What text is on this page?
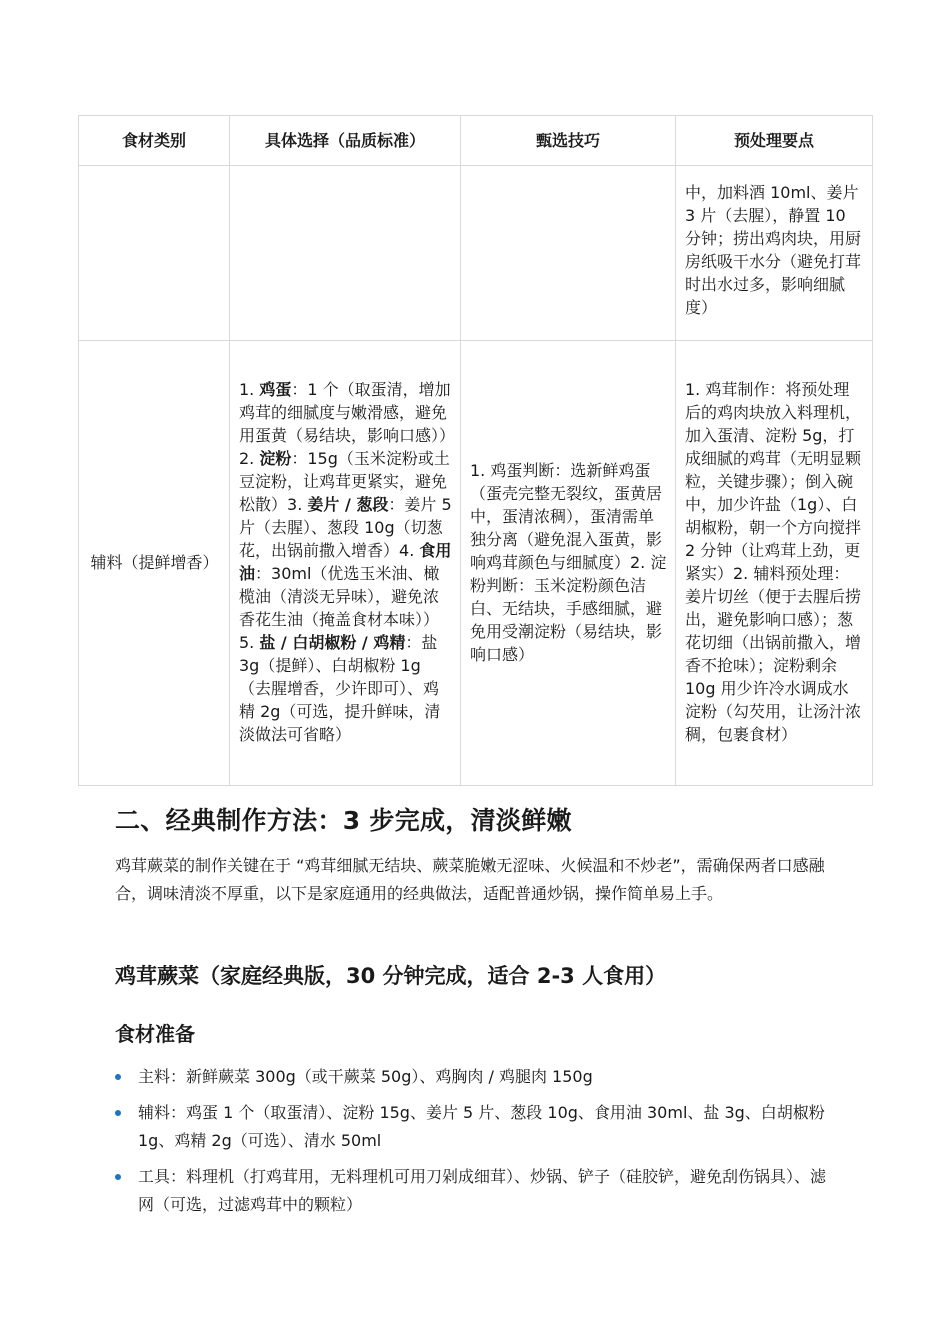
食材类别	具体选择（品质标准）	甄选技巧	预处理要点
			中，加料酒 10ml、姜片 3 片（去腥），静置 10 分钟；捞出鸡肉块，用厨房纸吸干水分（避免打茸时出水过多，影响细腻度）
辅料（提鲜增香）	1. 鸡蛋：1 个（取蛋清，增加鸡茸的细腻度与嫩滑感，避免用蛋黄（易结块，影响口感））2. 淀粉：15g（玉米淀粉或土豆淀粉，让鸡茸更紧实，避免松散）3. 姜片 / 葱段：姜片 5 片（去腥）、葱段 10g（切葱花，出锅前撒入增香）4. 食用油：30ml（优选玉米油、橄榄油（清淡无异味），避免浓香花生油（掩盖食材本味））5. 盐 / 白胡椒粉 / 鸡精：盐 3g（提鲜）、白胡椒粉 1g（去腥增香，少许即可）、鸡精 2g（可选，提升鲜味，清淡做法可省略）	1. 鸡蛋判断：选新鲜鸡蛋（蛋壳完整无裂纹，蛋黄居中，蛋清浓稠），蛋清需单独分离（避免混入蛋黄，影响鸡茸颜色与细腻度）2. 淀粉判断：玉米淀粉颜色洁白、无结块，手感细腻，避免用受潮淀粉（易结块，影响口感）	1. 鸡茸制作：将预处理后的鸡肉块放入料理机，加入蛋清、淀粉 5g，打成细腻的鸡茸（无明显颗粒，关键步骤）；倒入碗中，加少许盐（1g）、白胡椒粉，朝一个方向搅拌 2 分钟（让鸡茸上劲，更紧实）2. 辅料预处理：姜片切丝（便于去腥后捞出，避免影响口感）；葱花切细（出锅前撒入，增香不抢味）；淀粉剩余 10g 用少许冷水调成水淀粉（勾芡用，让汤汁浓稠，包裹食材）
二、经典制作方法：3 步完成，清淡鲜嫩

鸡茸蕨菜的制作关键在于 “鸡茸细腻无结块、蕨菜脆嫩无涩味、火候温和不炒老”，需确保两者口感融合，调味清淡不厚重，以下是家庭通用的经典做法，适配普通炒锅，操作简单易上手。

鸡茸蕨菜（家庭经典版，30 分钟完成，适合 2-3 人食用）
食材准备
主料：新鲜蕨菜 300g（或干蕨菜 50g）、鸡胸肉 / 鸡腿肉 150g
辅料：鸡蛋 1 个（取蛋清）、淀粉 15g、姜片 5 片、葱段 10g、食用油 30ml、盐 3g、白胡椒粉 1g、鸡精 2g（可选）、清水 50ml
工具：料理机（打鸡茸用，无料理机可用刀剁成细茸）、炒锅、铲子（硅胶铲，避免刮伤锅具）、滤网（可选，过滤鸡茸中的颗粒）
